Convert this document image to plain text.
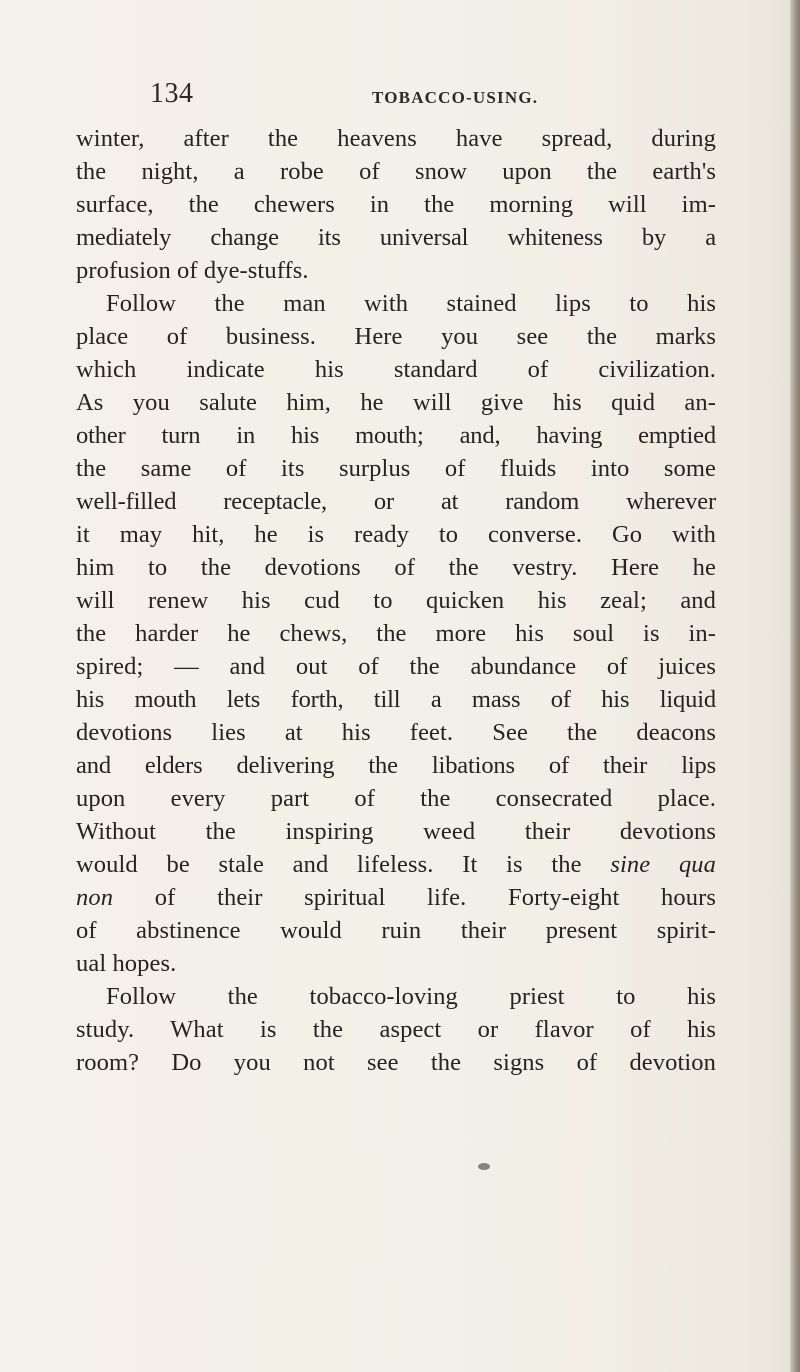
134	TOBACCO-USING.
winter, after the heavens have spread, during
the night, a robe of snow upon the earth's
surface, the chewers in the morning will im-
mediately change its universal whiteness by a
profusion of dye-stuffs.
Follow the man with stained lips to his
place of business. Here you see the marks
which indicate his standard of civilization.
As you salute him, he will give his quid an-
other turn in his mouth; and, having emptied
the same of its surplus of fluids into some
well-filled receptacle, or at random wherever
it may hit, he is ready to converse. Go with
him to the devotions of the vestry. Here he
will renew his cud to quicken his zeal; and
the harder he chews, the more his soul is in-
spired; — and out of the abundance of juices
his mouth lets forth, till a mass of his liquid
devotions lies at his feet. See the deacons
and elders delivering the libations of their lips
upon every part of the consecrated place.
Without the inspiring weed their devotions
would be stale and lifeless. It is the sine qua
non of their spiritual life. Forty-eight hours
of abstinence would ruin their present spirit-
ual hopes.
Follow the tobacco-loving priest to his
study. What is the aspect or flavor of his
room? Do you not see the signs of devotion
